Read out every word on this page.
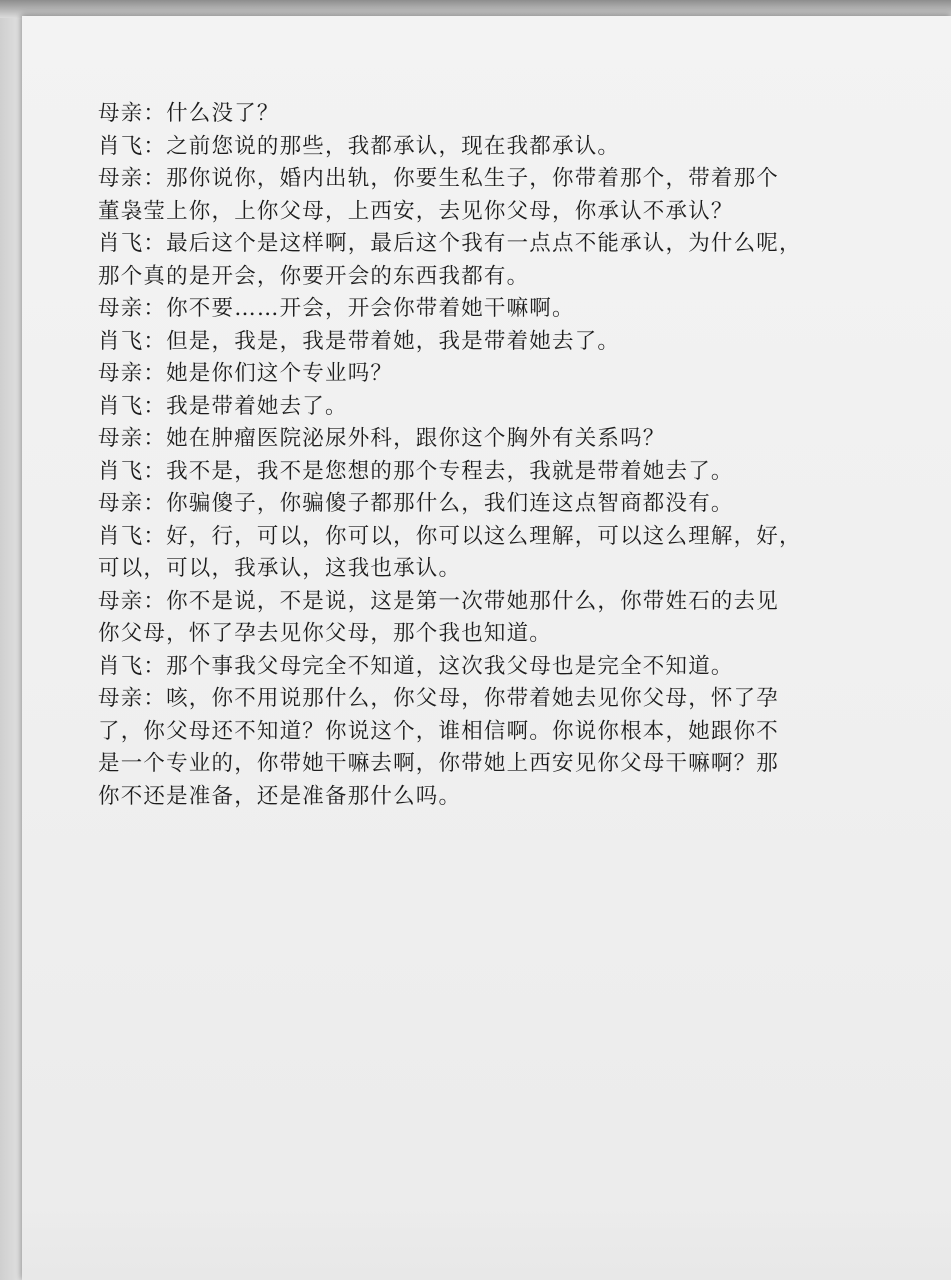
母亲：什么没了？
肖飞：之前您说的那些，我都承认，现在我都承认。
母亲：那你说你，婚内出轨，你要生私生子，你带着那个，带着那个
董袅莹上你，上你父母，上西安，去见你父母，你承认不承认？
肖飞：最后这个是这样啊，最后这个我有一点点不能承认，为什么呢，
那个真的是开会，你要开会的东西我都有。
母亲：你不要……开会，开会你带着她干嘛啊。
肖飞：但是，我是，我是带着她，我是带着她去了。
母亲：她是你们这个专业吗？
肖飞：我是带着她去了。
母亲：她在肿瘤医院泌尿外科，跟你这个胸外有关系吗？
肖飞：我不是，我不是您想的那个专程去，我就是带着她去了。
母亲：你骗傻子，你骗傻子都那什么，我们连这点智商都没有。
肖飞：好，行，可以，你可以，你可以这么理解，可以这么理解，好，
可以，可以，我承认，这我也承认。
母亲：你不是说，不是说，这是第一次带她那什么，你带姓石的去见
你父母，怀了孕去见你父母，那个我也知道。
肖飞：那个事我父母完全不知道，这次我父母也是完全不知道。
母亲：咳，你不用说那什么，你父母，你带着她去见你父母，怀了孕
了，你父母还不知道？你说这个，谁相信啊。你说你根本，她跟你不
是一个专业的，你带她干嘛去啊，你带她上西安见你父母干嘛啊？那
你不还是准备，还是准备那什么吗。
